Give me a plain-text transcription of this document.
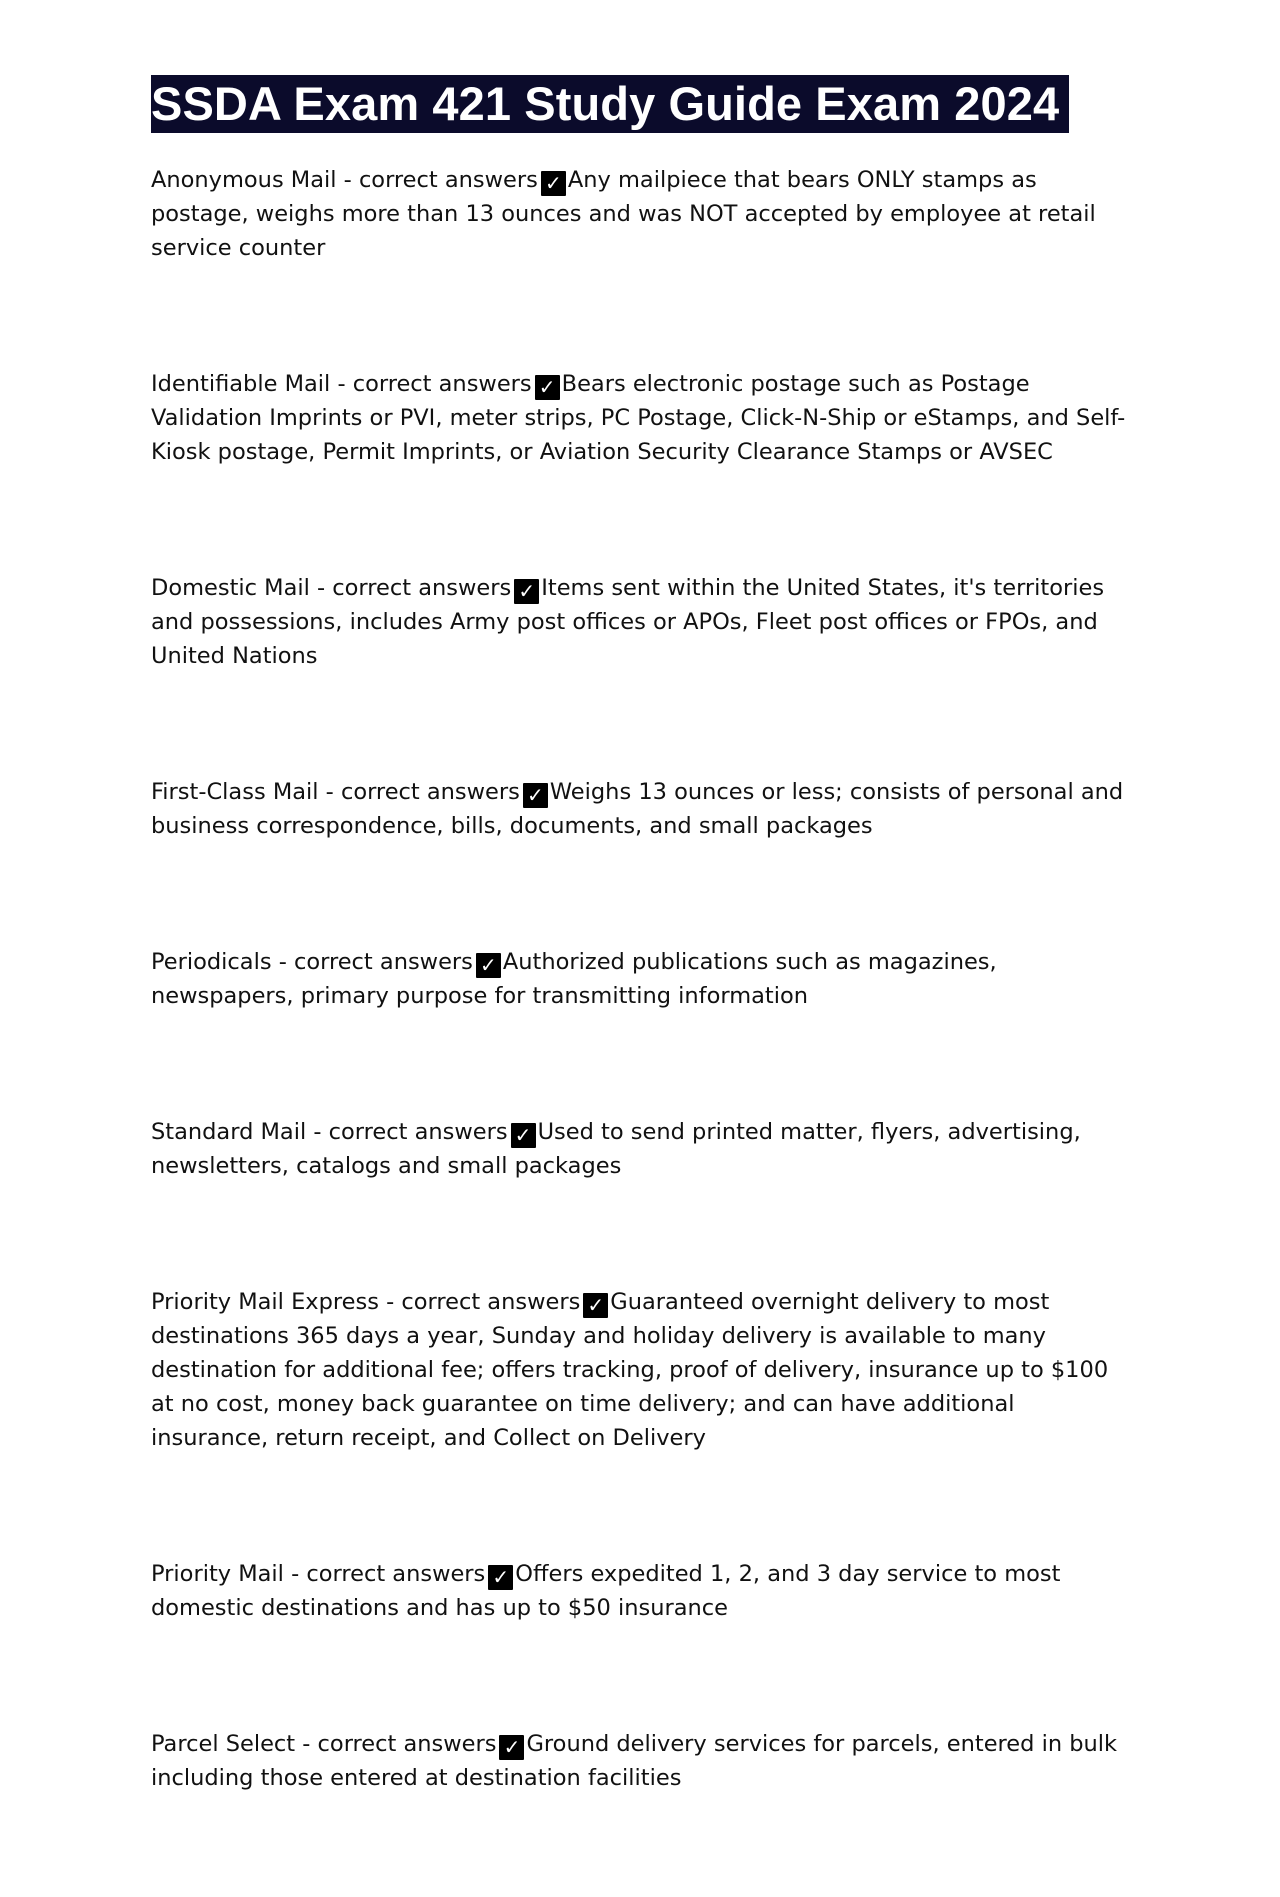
SSDA Exam 421 Study Guide Exam 2024

Anonymous Mail - correct answers ✓ Any mailpiece that bears ONLY stamps as postage, weighs more than 13 ounces and was NOT accepted by employee at retail service counter

Identifiable Mail - correct answers ✓ Bears electronic postage such as Postage Validation Imprints or PVI, meter strips, PC Postage, Click-N-Ship or eStamps, and Self-Kiosk postage, Permit Imprints, or Aviation Security Clearance Stamps or AVSEC

Domestic Mail - correct answers ✓ Items sent within the United States, it's territories and possessions, includes Army post offices or APOs, Fleet post offices or FPOs, and United Nations

First-Class Mail - correct answers ✓ Weighs 13 ounces or less; consists of personal and business correspondence, bills, documents, and small packages

Periodicals - correct answers ✓ Authorized publications such as magazines, newspapers, primary purpose for transmitting information

Standard Mail - correct answers ✓ Used to send printed matter, flyers, advertising, newsletters, catalogs and small packages

Priority Mail Express - correct answers ✓ Guaranteed overnight delivery to most destinations 365 days a year, Sunday and holiday delivery is available to many destination for additional fee; offers tracking, proof of delivery, insurance up to $100 at no cost, money back guarantee on time delivery; and can have additional insurance, return receipt, and Collect on Delivery

Priority Mail - correct answers ✓ Offers expedited 1, 2, and 3 day service to most domestic destinations and has up to $50 insurance

Parcel Select - correct answers ✓ Ground delivery services for parcels, entered in bulk including those entered at destination facilities
